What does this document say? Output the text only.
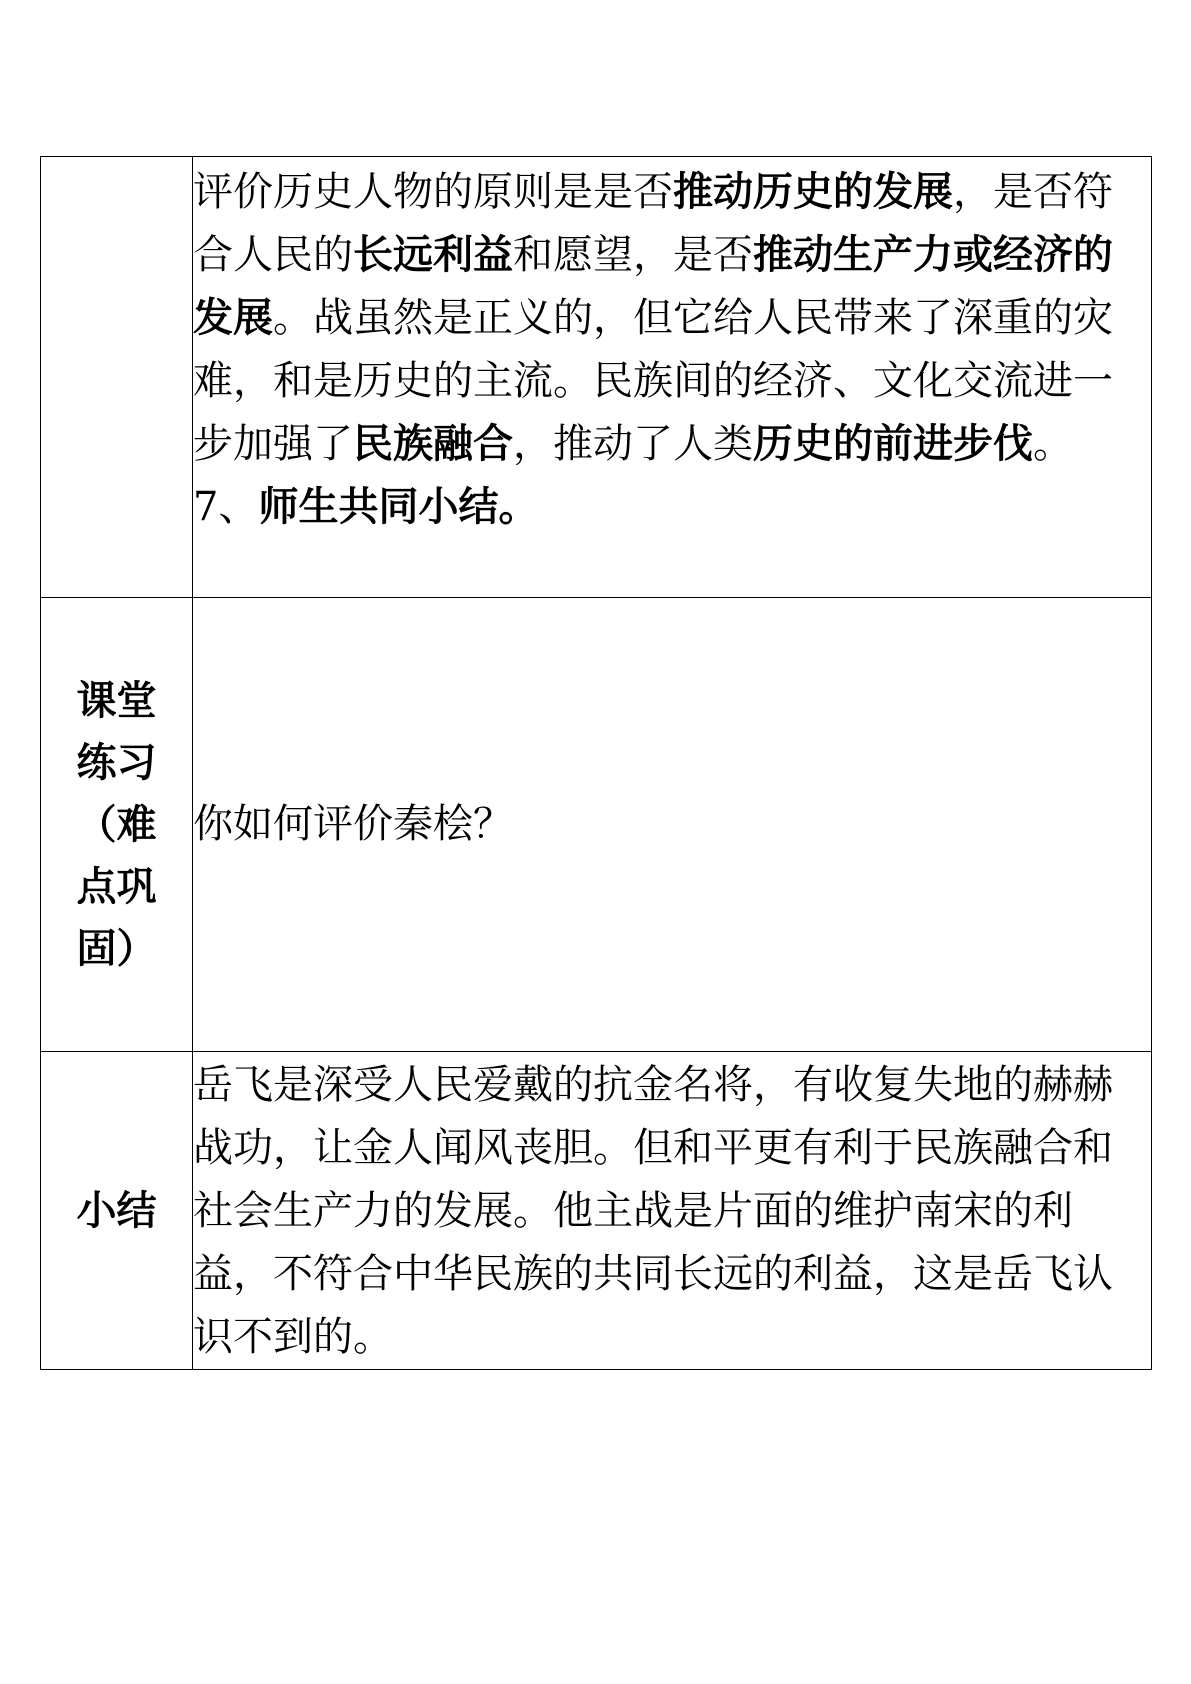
	评价历史人物的原则是是否推动历史的发展，是否符合人民的长远利益和愿望，是否推动生产力或经济的发展。战虽然是正义的，但它给人民带来了深重的灾难，和是历史的主流。民族间的经济、文化交流进一步加强了民族融合，推动了人类历史的前进步伐。
7、师生共同小结。

课堂练习（难点巩固）	你如何评价秦桧？

小结	岳飞是深受人民爱戴的抗金名将，有收复失地的赫赫战功，让金人闻风丧胆。但和平更有利于民族融合和社会生产力的发展。他主战是片面的维护南宋的利益，不符合中华民族的共同长远的利益，这是岳飞认识不到的。
